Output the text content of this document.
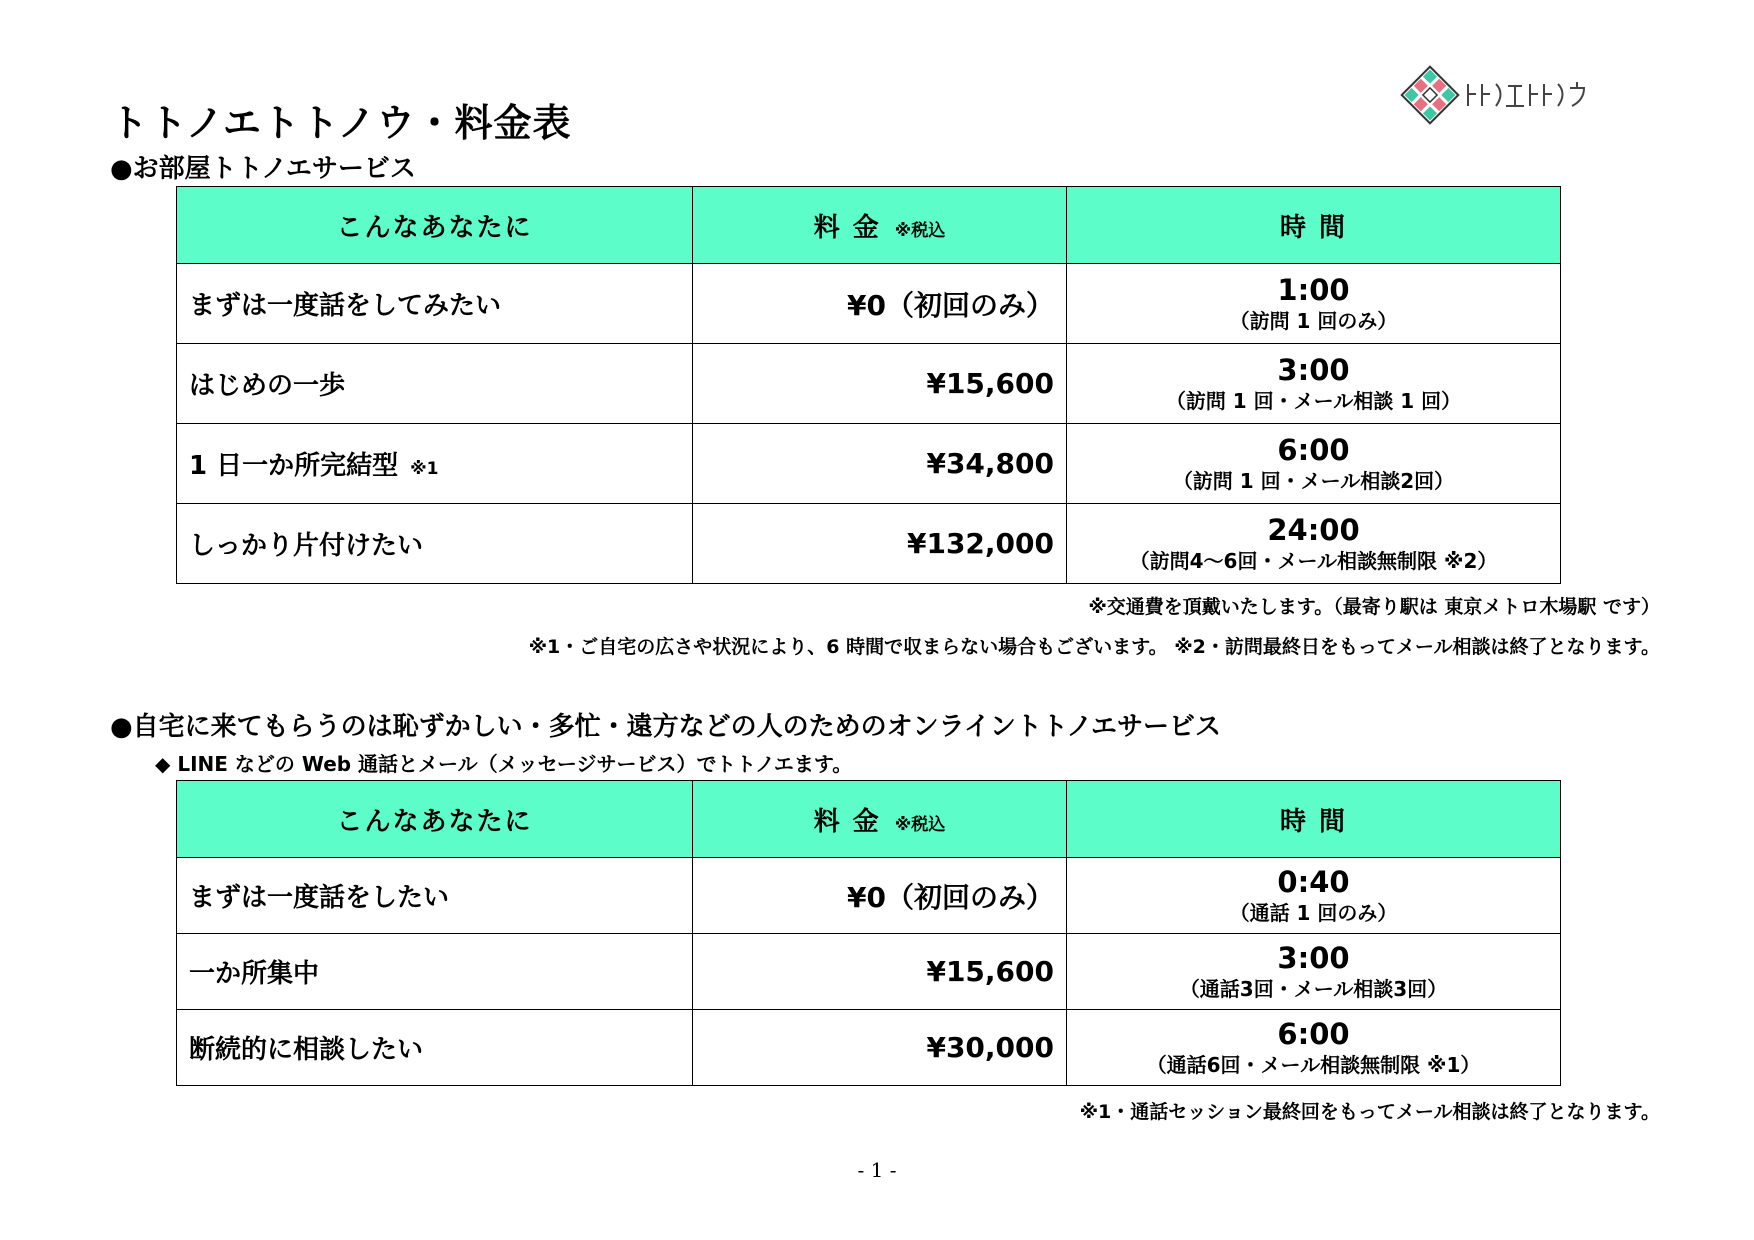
トトノエトトノウ・料金表
●お部屋トトノエサービス
こんなあなたに	料 金 ※税込	時 間
まずは一度話をしてみたい	¥0（初回のみ）	1:00
（訪問 1 回のみ）

はじめの一歩	¥15,600	3:00
（訪問 1 回・メール相談 1 回）

1 日一か所完結型 ※1	¥34,800	6:00
（訪問 1 回・メール相談2回）

しっかり片付けたい	¥132,000	24:00
（訪問4～6回・メール相談無制限 ※2）

※交通費を頂戴いたします。（最寄り駅は 東京メトロ木場駅 です）

※1・ご自宅の広さや状況により、6 時間で収まらない場合もございます。 ※2・訪問最終日をもってメール相談は終了となります。

●自宅に来てもらうのは恥ずかしい・多忙・遠方などの人のためのオンライントトノエサービス

◆ LINE などの Web 通話とメール（メッセージサービス）でトトノエます。

こんなあなたに	料 金 ※税込	時 間
まずは一度話をしたい	¥0（初回のみ）	0:40
（通話 1 回のみ）

一か所集中	¥15,600	3:00
（通話3回・メール相談3回）

断続的に相談したい	¥30,000	6:00
（通話6回・メール相談無制限 ※1）

※1・通話セッション最終回をもってメール相談は終了となります。

- 1 -
